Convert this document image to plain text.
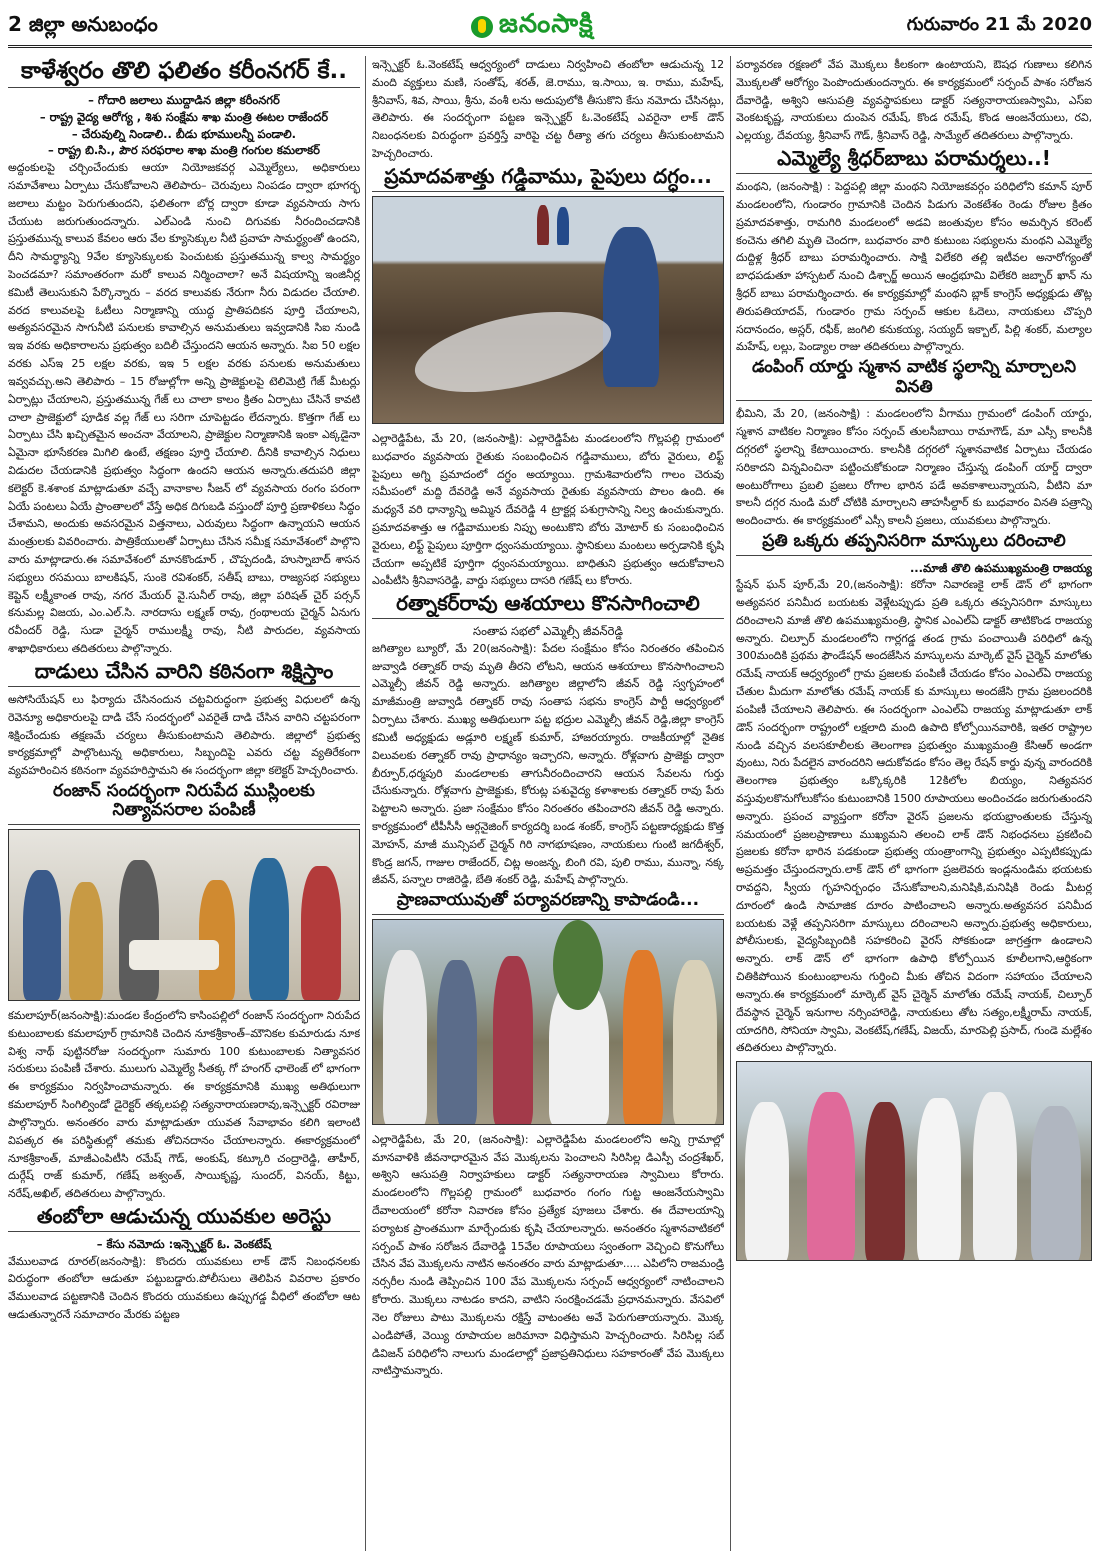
2 జిల్లా అనుబంధం	జనంసాక్షి	గురువారం 21 మే 2020
కాళేశ్వరం తొలి ఫలితం కరీంనగర్ కే..
– గోదారి జలాలు ముద్దాడిన జిల్లా కరీంనగర్
– రాష్ట్ర వైద్య ఆరోగ్య , శిశు సంక్షేమ శాఖ మంత్రి ఈటల రాజేందర్
– చేరువుల్ని నిండాలి.. బీడు భూములన్నీ పండాలి.
– రాష్ట్ర బి.సి., పౌర సరఫరాల శాఖ మంత్రి గంగుల కమలాకర్

అద్దంకులపై చర్చించేందుకు ఆయా నియోజకవర్గ ఎమ్మెల్యేలు, అధికారులు సమావేశాలు ఏర్పాటు చేసుకోవాలని తెలిపారు– చెరువులు నింపడం ద్వారా భూగర్భ జలాలు మట్టం పెరుగుతుందని, ఫలితంగా బోర్ల ద్వారా కూడా వ్యవసాయ సాగు చేయుట జరుగుతుందన్నారు. ఎల్ఎండి నుంచి దిగువకు నీరందించడానికి ప్రస్తుతమున్న కాలువ కేవలం ఆరు వేల క్యూసెక్కుల నీటి ప్రవాహ సామర్థ్యంతో ఉందని, దీని సామర్థ్యాన్ని 9వేల క్యూసెక్కులకు పెంచుటకు ప్రస్తుతమున్న కాల్వ సామర్థ్యం పెంచడమా? సమాంతరంగా మరో కాలువ నిర్మించాలా? అనే విషయాన్ని ఇంజినీర్ల కమిటీ తెలుసుకుని పేర్కొన్నారు – వరద కాలువకు నేరుగా నీరు విడుదల చేయాలి. వరద కాలువలపై ఓటీలు నిర్మాణాన్ని యుద్ధ ప్రాతిపదికన పూర్తి చేయాలని, అత్యవసరమైన సాగునీటి పనులకు కావాల్సిన అనుమతులు ఇవ్వడానికి సిఐ నుండి ఇఇ వరకు అధికారాలను ప్రభుత్వం బదిలీ చేస్తుందని ఆయన అన్నారు. సిఐ 50 లక్షల వరకు ఎస్ఇ 25 లక్షల వరకు, ఇఇ 5 లక్షల వరకు పనులకు అనుమతులు ఇవ్వవచ్చు.అని తెలిపారు – 15 రోజుల్లోగా అన్ని ప్రాజెక్టులపై టెలిమెట్రి గేజ్ మీటర్లు ఏర్పాట్లు చేయాలని, ప్రస్తుతమున్న గేజ్ లు చాలా కాలం క్రితం ఏర్పాటు చేసినే కావటి చాలా ప్రాజెక్టులో పూడిక వల్ల గేజ్ లు సరిగా చూపెట్టడం లేదన్నారు. కొత్తగా గేజ్ లు ఏర్పాటు చేసి ఖచ్చితమైన అంచనా వేయాలని, ప్రాజెక్టుల నిర్మాణానికి ఇంకా ఎక్కడైనా ఏమైనా భూసేకరణ మిగిలి ఉంటే, తక్షణం పూర్తి చేయాలి. దీనికి కావాల్సిన నిధులు విడుదల చేయడానికి ప్రభుత్వం సిద్ధంగా ఉందని ఆయన అన్నారు.తదుపరి జిల్లా కలెక్టర్ కె.శశాంక మాట్లాడుతూ వచ్చే వానాకాల సీజన్ లో వ్యవసాయ రంగం పరంగా ఏయే పంటలు ఏయే ప్రాంతాలలో వేస్తే అధిక దిగుబడి వస్తుందో పూర్తి ప్రణాళికలు సిద్ధం చేశామని, అందుకు అవసరమైన విత్తనాలు, ఎరువులు సిద్ధంగా ఉన్నాయని ఆయన మంత్రులకు వివరించారు. పాత్రికేయులతో ఏర్పాటు చేసిన సమీక్ష సమావేశంలో పాల్గొని వారు మాట్లాడారు.ఈ సమావేశంలో మానకొండూర్ , చొప్పదండి, హుస్నాబాద్ శాసన సభ్యులు రసమయి బాలకిషన్, సుంకె రవిశంకర్, సతీష్ బాబు, రాజ్యసభ సభ్యులు కెప్టెన్ లక్ష్మీకాంత రావు, నగర మేయర్ వై.సునీల్ రావు, జిల్లా పరిషత్ చైర్ పర్సన్ కనుమల్ల విజయ, ఎం.ఎల్.సి. నారదాసు లక్ష్మణ్ రావు, గ్రంథాలయ చైర్మన్ ఏనుగు రవీందర్ రెడ్డి, సుడా చైర్మన్ రాములక్ష్మీ రావు, నీటి పారుదల, వ్యవసాయ శాఖాధికారులు తదితరులు పాల్గొన్నారు.

దాడులు చేసిన వారిని కఠినంగా శిక్షిస్తాం

అసోసియేషన్ లు ఫిర్యాదు చేసినందున చట్టవిరుద్ధంగా ప్రభుత్వ విధులలో ఉన్న రెవెన్యూ అధికారులపై దాడి చేసే సందర్భంలో ఎవరైతే దాడి చేసిన వారిని చట్టపరంగా శిక్షించేందుకు తక్షణమే చర్యలు తీసుకుంటామని తెలిపారు. జిల్లాలో ప్రభుత్వ కార్యక్రమాల్లో పాల్గొంటున్న అధికారులు, సిబ్బందిపై ఎవరు చట్ట వ్యతిరేకంగా వ్యవహరించిన కఠినంగా వ్యవహరిస్తామని ఈ సందర్భంగా జిల్లా కలెక్టర్ హెచ్చరించారు.

రంజాన్ సందర్భంగా నిరుపేద ముస్లింలకు నిత్యావసరాల పంపిణీ

కమలాపూర్(జనంసాక్షి):మండల కేంద్రంలోని కాసింపల్లిలో రంజాన్ సందర్భంగా నిరుపేద కుటుంబాలకు కమలాపూర్ గ్రామానికి చెందిన నూకశ్రీకాంత్–మౌనికల కుమారుడు నూక విశ్వ నాథ్ పుట్టినరోజు సందర్భంగా సుమారు 100 కుటుంబాలకు నిత్యావసర సరుకులు పంపిణీ చేశారు. ములుగు ఎమ్మెల్యే సీతక్క గో హంగర్ ఛాలెంజ్ లో భాగంగా ఈ కార్యక్రమం నిర్వహించామన్నారు. ఈ కార్యక్రమానికి ముఖ్య అతిథులుగా కమలాపూర్ సింగిల్విండో డైరెక్టర్ తక్కలపల్లి సత్యనారాయణరావు,ఇన్స్పెక్టర్ రవిరాజు పాల్గొన్నారు. అనంతరం వారు మాట్లాడుతూ యువత సేవాభావం కలిగి ఇలాంటి విపత్కర ఈ పరిస్థితుల్లో తమకు తోచినదానం చేయాలన్నారు. ఈకార్యక్రమంలో నూకశ్రీకాంత్, మాజీఎంపిటీసి రమేష్ గౌడ్, అంకుష్, కట్కూరి చంద్రారెడ్డి, తాహీర్, దుర్గేష్ రాజ్ కుమార్, గణేష్ జశ్వంత్, సాయికృష్ణ, సుందర్, వినయ్, కిట్టు, నరేష్,అఖిల్, తదితరులు పాల్గొన్నారు.

తంబోలా ఆడుచున్న యువకుల అరెస్టు
– కేసు నమోదు :ఇన్స్పెక్టర్ ఓ. వెంకటేష్

వేములవాడ రూరల్(జనంసాక్షి): కొందరు యువకులు లాక్ డౌన్ నిబంధనలకు విరుద్ధంగా తంబోలా ఆడుతూ పట్టుబడ్డారు.పోలీసులు తెలిపిన వివరాల ప్రకారం వేములవాడ పట్టణానికి చెందిన కొందరు యువకులు ఉప్పుగడ్డ వీధిలో తంబోలా ఆట ఆడుతున్నారనే సమాచారం మేరకు పట్టణ

ఇన్స్పెక్టర్ ఓ.వెంకటేష్ ఆధ్వర్యంలో దాడులు నిర్వహించి తంబోలా ఆడుచున్న 12 మంది వ్యక్తులు మణి, సంతోష్, శరత్, జె.రాము, ఇ.సాయి, ఇ. రాము, మహేష్, శ్రీనివాస్, శివ, సాయి, శ్రీను, వంశీ లను అదుపులోకి తీసుకొని కేసు నమోదు చేసినట్లు, తెలిపారు. ఈ సందర్భంగా పట్టణ ఇన్స్పెక్టర్ ఓ.వెంకటేష్ ఎవరైనా లాక్ డౌన్ నిబంధనలకు విరుద్ధంగా ప్రవర్తిస్తే వారిపై చట్ట రీత్యా తగు చర్యలు తీసుకుంటామని హెచ్చరించారు.

ప్రమాదవశాత్తు గడ్డివాము, పైపులు దగ్ధం...

ఎల్లారెడ్డిపేట, మే 20, (జనంసాక్షి): ఎల్లారెడ్డిపేట మండలంలోని గొల్లపల్లి గ్రామంలో బుధవారం వ్యవసాయ రైతుకు సంబంధించిన గడ్డివాములు, బోరు వైరులు, లిఫ్ట్ పైపులు అగ్ని ప్రమాదంలో దగ్ధం అయ్యాయి. గ్రామశివారులోని గాలం చెరువు సమీపంలో మద్ది దేవరెడ్డి అనే వ్యవసాయ రైతుకు వ్యవసాయ పొలం ఉంది. ఈ మధ్యనే వరి ధాన్యాన్ని అమ్మిన దేవరెడ్డి 4 ట్రాక్టర్ల పశుగ్రాసాన్ని నిల్వ ఉంచుకున్నారు. ప్రమాదవశాత్తు ఆ గడ్డివాములకు నిప్పు అంటుకొని బోరు మోటార్ కు సంబంధించిన వైరులు, లిఫ్ట్ పైపులు పూర్తిగా ధ్వంసమయ్యాయి. స్థానికులు మంటలు అర్పడానికి కృషి చేయగా అప్పటికే పూర్తిగా ధ్వంసమయ్యాయి. బాధితుని ప్రభుత్వం ఆదుకోవాలని ఎంపీటీసి శ్రీనివాసరెడ్డి, వార్డు సభ్యులు దాసరి గణేష్ లు కోరారు.

రత్నాకర్‌రావు ఆశయాలు కొనసాగించాలి
సంతాప సభలో ఎమ్మెల్సీ జీవన్‌రెడ్డి

జగిత్యాల బ్యూరో, మే 20(జనంసాక్షి): పేదల సంక్షేమం కోసం నిరంతరం తపించిన జువ్వాడి రత్నాకర్ రావు మృతి తీరని లోటని, ఆయన ఆశయాలు కొనసాగించాలని ఎమ్మెల్సీ జీవన్ రెడ్డి అన్నారు. జగిత్యాల జిల్లాలోని జీవన్ రెడ్డి స్వగృహంలో మాజీమంత్రి జువ్వాడి రత్నాకర్ రావు సంతాప సభను కాంగ్రెస్ పార్టీ ఆధ్వర్యంలో ఏర్పాటు చేశారు. ముఖ్య అతిథులుగా పట్ట భద్రుల ఎమ్మెల్సీ జీవన్ రెడ్డి,జిల్లా కాంగ్రెస్ కమిటీ అధ్యక్షుడు అడ్లూరి లక్ష్మణ్ కుమార్, హాజరయ్యారు. రాజకీయాల్లో నైతిక విలువలకు రత్నాకర్ రావు ప్రాధాన్యం ఇచ్చారని, అన్నారు. రోళ్లవాగు ప్రాజెక్టు ద్వారా బీర్పూర్,ధర్మపురి మండలాలకు తాగునీరందించారని ఆయన సేవలను గుర్తు చేసుకున్నారు. రోళ్లవాగు ప్రాజెక్టుకు, కోరుట్ల పశువైద్య కళాశాలకు రత్నాకర్ రావు పేరు పెట్టాలని అన్నారు. ప్రజా సంక్షేమం కోసం నిరంతరం తపించారని జీవన్ రెడ్డి అన్నారు. కార్యక్రమంలో టీపీసీసీ ఆర్గనైజింగ్ కార్యదర్శి బండ శంకర్, కాంగ్రెస్ పట్టణాధ్యక్షుడు కొత్త మోహన్, మాజీ మున్సిపల్ చైర్మన్ గిరి నాగభూషణం, నాయకులు గుంటి జగదీశ్వర్, కొండ్ర జగన్, గాజుల రాజేందర్, చిట్ల అంజన్న, బింగి రవి, పులి రాము, మున్నా, నక్క జీవన్, పన్నాల రాజిరెడ్డి, బేతి శంకర్ రెడ్డి, మహేష్ పాల్గొన్నారు.

ప్రాణవాయువుతో పర్యావరణాన్ని కాపాడండి...

ఎల్లారెడ్డిపేట, మే 20, (జనంసాక్షి): ఎల్లారెడ్డిపేట మండలంలోని అన్ని గ్రామాల్లో మానవాళికి జీవనాధారమైన వేప మొక్కలను పెంచాలని సిరిసిల్ల డిఎస్పీ చంద్రశేఖర్, అశ్విని ఆసుపత్రి నిర్వాహకులు డాక్టర్ సత్యనారాయణ స్వామిలు కోరారు. మండలంలోని గొల్లపల్లి గ్రామంలో బుధవారం గంగం గుట్ట ఆంజనేయస్వామి దేవాలయంలో కరోనా నివారణ కోసం ప్రత్యేక పూజలు చేశారు. ఈ దేవాలయాన్ని పర్యాటక ప్రాంతముగా మార్చేందుకు కృషి చేయాలన్నారు. అనంతరం స్మశానవాటికలో సర్పంచ్ పాశం సరోజన దేవారెడ్డి 15వేల రూపాయలు స్వంతంగా వెచ్చించి కొనుగోలు చేసిన వేప మొక్కలను నాటిన అనంతరం వారు మాట్లాడుతూ..... ఎపిలోని రాజమండ్రి నర్సరీల నుండి తెప్పించిన 100 వేప మొక్కలను సర్పంచ్ ఆధ్వర్యంలో నాటించాలని కోరారు. మొక్కలు నాటడం కాదని, వాటిని సంరక్షించడమే ప్రధానమన్నారు. వేసవిలో నెల రోజులు పాటు మొక్కలను రక్షిస్తే వాటంతట అవే పెరుగుతాయన్నారు. మొక్క ఎండిపోతే, వెయ్యి రూపాయల జరిమానా విధిస్తామని హెచ్చరించారు. సిరిసిల్ల సబ్ డివిజన్ పరిధిలోని నాలుగు మండలాల్లో ప్రజాప్రతినిధులు సహకారంతో వేప మొక్కలు నాటిస్తామన్నారు.

పర్యావరణ రక్షణలో వేప మొక్కలు కీలకంగా ఉంటాయని, ఔషధ గుణాలు కలిగిన మొక్కలతో ఆరోగ్యం పెంపొందుతుందన్నారు. ఈ కార్యక్రమంలో సర్పంచ్ పాశం సరోజన దేవారెడ్డి, అశ్విని ఆసుపత్రి వ్యవస్థాపకులు డాక్టర్ సత్యనారాయణస్వామి, ఎస్ఐ వెంకటకృష్ణ, నాయకులు దుంపెన రమేష్, కొండ రమేష్, కొండ ఆంజనేయులు, రవి, ఎల్లయ్య, దేవయ్య, శ్రీనివాస్ గౌడ్, శ్రీనివాస్ రెడ్డి, సామ్యేల్ తదితరులు పాల్గొన్నారు.

ఎమ్మెల్యే శ్రీధర్‌బాబు పరామర్శలు..!

మంథని, (జనంసాక్షి) : పెద్దపల్లి జిల్లా మంథని నియోజకవర్గం పరిధిలోని కమాన్ పూర్ మండలంలోని, గుండారం గ్రామానికి చెందిన పిడుగు వెంకటేశం రెండు రోజుల క్రితం ప్రమాదవశాత్తు, రామగిరి మండలంలో అడవి జంతువుల కోసం అమర్చిన కరెంట్ కంచెను తగిలి మృతి చెందగా, బుధవారం వారి కుటుంబ సభ్యులను మంథని ఎమ్మెల్యే దుద్దిళ్ల శ్రీధర్ బాబు పరామర్శించారు. సాక్షి విలేకరి తల్లి ఇటీవల అనారోగ్యంతో బాధపడుతూ హాస్పటల్ నుంచి డిశ్చార్జ్ అయిన ఆంధ్రభూమి విలేకరి జబ్బార్ ఖాన్ ను శ్రీధర్ బాబు పరామర్శించారు. ఈ కార్యక్రమాల్లో మంథని బ్లాక్ కాంగ్రెస్ అధ్యక్షుడు తొట్ల తిరుపతియాదవ్, గుండారం గ్రామ సర్పంచ్ ఆకుల ఓదెలు, నాయకులు చొప్పరి సదానందం, అస్లర్, రఫీక్, జంగిలి కనుకయ్య, సయ్యద్ ఇక్బాల్, పిల్లి శంకర్, మల్యాల మహేష్, లల్లు, పెండ్యాల రాజు తదితరులు పాల్గొన్నారు.

డంపింగ్ యార్డు స్మశాన వాటిక స్థలాన్ని మార్చాలని వినతి

భీమిని, మే 20, (జనంసాక్షి) : మండలంలోని వీగాము గ్రామంలో డంపింగ్ యార్డు, స్మశాన వాటికల నిర్మాణం కోసం సర్పంచ్ తులసీబాయి రామాగౌడ్, మా ఎస్సీ కాలనీకి దగ్గరలో స్థలాన్ని కేటాయించారు. కాలనీకి దగ్గరలో స్మశానవాటిక ఏర్పాటు చేయడం సరికాదని విన్నవించినా పట్టించుకోకుండా నిర్మాణం చేస్తున్న డంపింగ్ యార్డ్ ద్వారా అంటురోగాలు ప్రబలి ప్రజలు రోగాల భారిన పడే అవకాశాలున్నాయని, వీటిని మా కాలనీ దగ్గర నుండి మరో చోటికి మార్చాలని తాహసీల్దార్ కు బుధవారం వినతి పత్రాన్ని అందించారు. ఈ కార్యక్రమంలో ఎస్సీ కాలనీ ప్రజలు, యువకులు పాల్గొన్నారు.

ప్రతి ఒక్కరు తప్పనిసరిగా మాస్కులు దరించాలి
...మాజీ తొలి ఉపముఖ్యమంత్రి రాజయ్య

స్టేషన్ ఘన్ పూర్,మే 20,(జనంసాక్షి): కరోనా నివారణకై లాక్ డౌన్ లో భాగంగా అత్యవసర పనిమీద బయటకు వెళ్లేటప్పుడు ప్రతి ఒక్కరు తప్పనిసరిగా మాస్కులు దరించాలని మాజీ తొలి ఉపముఖ్యమంత్రి, స్థానిక ఎంఎల్ఏ డాక్టర్ తాటికొండ రాజయ్య అన్నారు. చిల్పూర్ మండలంలోని గార్లగడ్డ తండ గ్రామ పంచాయితీ పరిధిలో ఉన్న 300మందికి ప్రథమ ఫౌండేషన్ అందజేసిన మాస్కులను మార్కెట్ వైస్ చైర్మెన్ మాలోతు రమేష్ నాయక్ ఆధ్వర్యంలో గ్రామ ప్రజలకు పంపిణీ చేయడం కోసం ఎంఎల్ఏ రాజయ్య చేతుల మీదుగా మాలోతు రమేష్ నాయక్ కు మాస్కులు అందజేసి గ్రామ ప్రజలందరికి పంపిణీ చేయాలని తెలిపారు. ఈ సందర్భంగా ఎంఎల్ఏ రాజయ్య మాట్లాడుతూ లాక్ డౌన్ సందర్భంగా రాష్ట్రంలో లక్షలాది మంది ఉపాది కోల్పోయినవారికి, ఇతర రాష్ట్రాల నుండి వచ్చిన వలసకూలీలకు తెలంగాణ ప్రభుత్వం ముఖ్యమంత్రి కేసిఆర్ అండగా వుంటు, నిరు పేదలైన వారందరిని ఆదుకోవడం కోసం తెల్ల రేషన్ కార్డు వున్న వారందరికి తెలంగాణ ప్రభుత్వం ఒక్కొక్కరికి 12కిలోల బియ్యం, నిత్యవసర వస్తువులకొనుగోలుకోసం కుటుంబానికి 1500 రూపాయలు అందించడం జరుగుతుందని అన్నారు. ప్రపంచ వ్యాప్తంగా కరోనా వైరస్ ప్రజలను భయభ్రాంతులకు చేస్తున్న సమయంలో ప్రజలప్రాణాలు ముఖ్యమని తలంచి లాక్ డౌన్ నిభంధనలు ప్రకటించి ప్రజలకు కరోనా భారిన పడకుండా ప్రభుత్వ యంత్రాంగాన్ని ప్రభుత్వం ఎప్పటికప్పుడు అప్రమత్తం చేస్తుందన్నారు.లాక్ డౌన్ లో భాగంగా ప్రజలెవరు ఇండ్లనుండిమ భయటకు రావద్దని, స్వీయ గృహనిర్బంధం చేసుకోవాలని,మనిషికి,మనిషికి రెండు మీటర్ల దూరంలో ఉండి సామాజిక దూరం పాటించాలని అన్నారు.అత్యవసర పనిమీద బయటకు వెళ్లే తప్పనిసరిగా మాస్కులు దరించాలని అన్నారు.ప్రభుత్వ అధికారులు, పోలీసులకు, వైద్యసిబ్బందికి సహకరించి వైరస్ సోకకుండా జాగ్రత్తగా ఉండాలని అన్నారు. లాక్ డౌన్ లో భాగంగా ఉపాధి కోల్పోయిన కూలీలగాని,ఆర్థికంగా చితికిపోయిన కుంటుంభాలను గుర్తించి మీకు తోచిన విదంగా సహాయం చేయాలని అన్నారు.ఈ కార్యక్రమంలో మార్కెట్ వైస్ చైర్మెన్ మాలోతు రమేష్ నాయక్, చిల్పూర్ దేవస్థాన చైర్మెన్ ఇనుగాల నర్సింహారెడ్డి, నాయకులు తోట సత్యం,లక్ష్మీరామ్ నాయక్, యాదగిరి, సోనియా స్వామి, వెంకటేష్,గణేష్, విజయ్, మారపెల్లి ప్రసాద్, గుండె మల్లేశం తదితరులు పాల్గొన్నారు.
